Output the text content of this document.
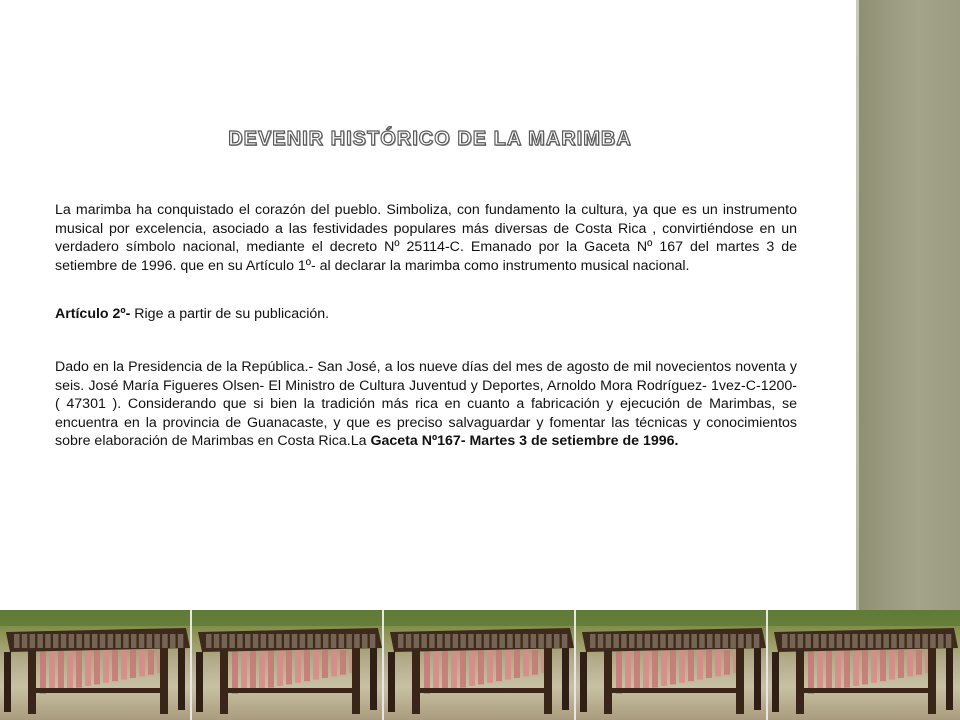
DEVENIR HISTÓRICO DE LA MARIMBA

La marimba ha conquistado el corazón del pueblo. Simboliza, con fundamento la cultura, ya que es un instrumento musical por excelencia, asociado a las festividades populares más diversas de Costa Rica , convirtiéndose en un verdadero símbolo nacional, mediante el decreto Nº 25114-C. Emanado por la Gaceta Nº 167 del martes 3 de setiembre de 1996. que en su Artículo 1º- al declarar la marimba como instrumento musical nacional.

Artículo 2º- Rige a partir de su publicación.

Dado en la Presidencia de la República.- San José, a los nueve días del mes de agosto de mil novecientos noventa y seis. José María Figueres Olsen- El Ministro de Cultura Juventud y Deportes, Arnoldo Mora Rodríguez- 1vez-C-1200- ( 47301 ). Considerando que si bien la tradición más rica en cuanto a fabricación y ejecución de Marimbas, se encuentra en la provincia de Guanacaste, y que es preciso salvaguardar y fomentar las técnicas y conocimientos sobre elaboración de Marimbas en Costa Rica.La Gaceta Nº167- Martes 3 de setiembre de 1996.
